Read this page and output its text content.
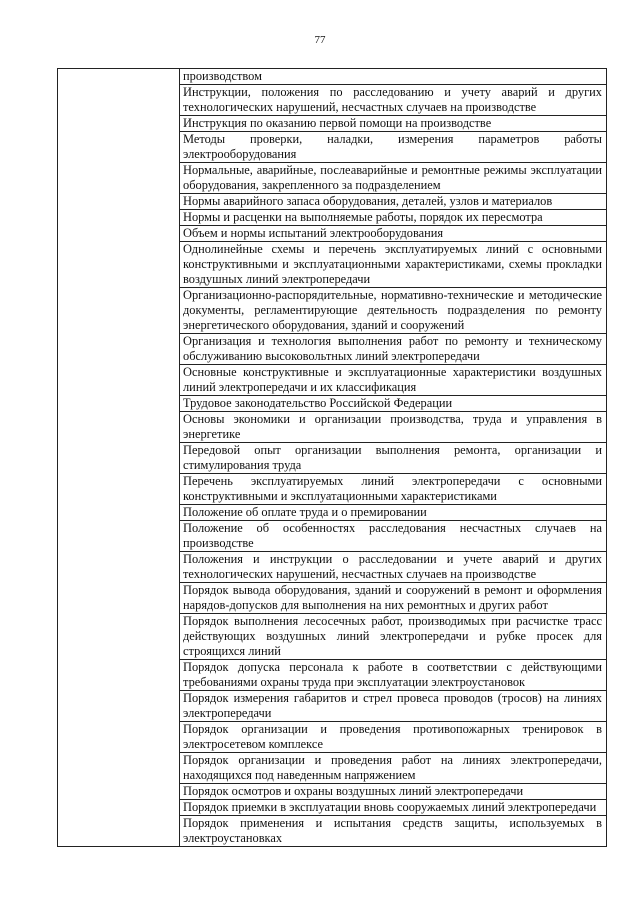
77
	производством
Инструкции, положения по расследованию и учету аварий и других технологических нарушений, несчастных случаев на производстве
Инструкция по оказанию первой помощи на производстве
Методы проверки, наладки, измерения параметров работы электрооборудования
Нормальные, аварийные, послеаварийные и ремонтные режимы эксплуатации оборудования, закрепленного за подразделением
Нормы аварийного запаса оборудования, деталей, узлов и материалов
Нормы и расценки на выполняемые работы, порядок их пересмотра
Объем и нормы испытаний электрооборудования
Однолинейные схемы и перечень эксплуатируемых линий с основными конструктивными и эксплуатационными характеристиками, схемы прокладки воздушных линий электропередачи
Организационно-распорядительные, нормативно-технические и методические документы, регламентирующие деятельность подразделения по ремонту энергетического оборудования, зданий и сооружений
Организация и технология выполнения работ по ремонту и техническому обслуживанию высоковольтных линий электропередачи
Основные конструктивные и эксплуатационные характеристики воздушных линий электропередачи и их классификация
Трудовое законодательство Российской Федерации
Основы экономики и организации производства, труда и управления в энергетике
Передовой опыт организации выполнения ремонта, организации и стимулирования труда
Перечень эксплуатируемых линий электропередачи с основными конструктивными и эксплуатационными характеристиками
Положение об оплате труда и о премировании
Положение об особенностях расследования несчастных случаев на производстве
Положения и инструкции о расследовании и учете аварий и других технологических нарушений, несчастных случаев на производстве
Порядок вывода оборудования, зданий и сооружений в ремонт и оформления нарядов-допусков для выполнения на них ремонтных и других работ
Порядок выполнения лесосечных работ, производимых при расчистке трасс действующих воздушных линий электропередачи и рубке просек для строящихся линий
Порядок допуска персонала к работе в соответствии с действующими требованиями охраны труда при эксплуатации электроустановок
Порядок измерения габаритов и стрел провеса проводов (тросов) на линиях электропередачи
Порядок организации и проведения противопожарных тренировок в электросетевом комплексе
Порядок организации и проведения работ на линиях электропередачи, находящихся под наведенным напряжением
Порядок осмотров и охраны воздушных линий электропередачи
Порядок приемки в эксплуатации вновь сооружаемых линий электропередачи
Порядок применения и испытания средств защиты, используемых в электроустановках
